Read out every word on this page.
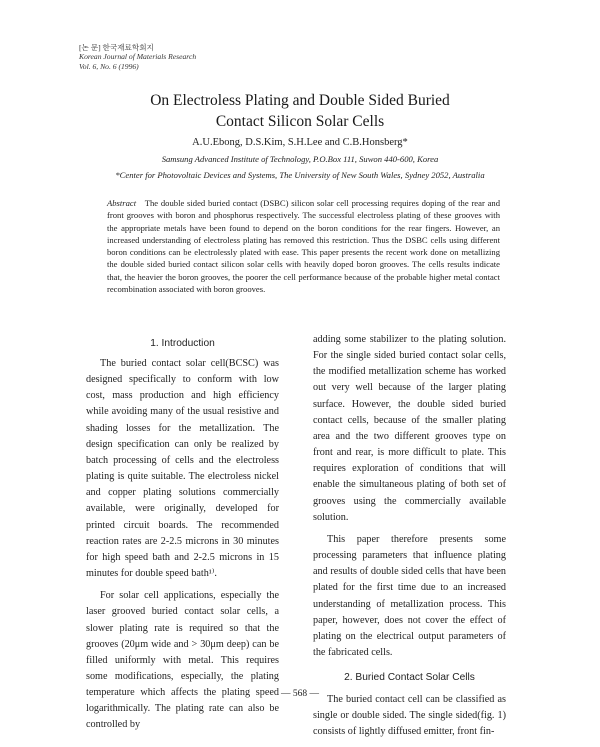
[논 문] 한국재료학회지
Korean Journal of Materials Research
Vol. 6, No. 6 (1996)
On Electroless Plating and Double Sided Buried
Contact Silicon Solar Cells
A.U.Ebong, D.S.Kim, S.H.Lee and C.B.Honsberg*
Samsung Advanced Institute of Technology, P.O.Box 111, Suwon 440-600, Korea
*Center for Photovoltaic Devices and Systems, The University of New South Wales, Sydney 2052, Australia
Abstract The double sided buried contact (DSBC) silicon solar cell processing requires doping of the rear and front grooves with boron and phosphorus respectively. The successful electroless plating of these grooves with the appropriate metals have been found to depend on the boron conditions for the rear fingers. However, an increased understanding of electroless plating has removed this restriction. Thus the DSBC cells using different boron conditions can be electrolessly plated with ease. This paper presents the recent work done on metallizing the double sided buried contact silicon solar cells with heavily doped boron grooves. The cells results indicate that, the heavier the boron grooves, the poorer the cell performance because of the probable higher metal contact recombination associated with boron grooves.
1. Introduction

The buried contact solar cell(BCSC) was designed specifically to conform with low cost, mass production and high efficiency while avoiding many of the usual resistive and shading losses for the metallization. The design specification can only be realized by batch processing of cells and the electroless plating is quite suitable. The electroless nickel and copper plating solutions commercially available, were originally, developed for printed circuit boards. The recommended reaction rates are 2-2.5 microns in 30 minutes for high speed bath and 2-2.5 microns in 15 minutes for double speed bath¹⁾.

For solar cell applications, especially the laser grooved buried contact solar cells, a slower plating rate is required so that the grooves (20μm wide and > 30μm deep) can be filled uniformly with metal. This requires some modifications, especially, the plating temperature which affects the plating speed logarithmically. The plating rate can also be controlled by

adding some stabilizer to the plating solution. For the single sided buried contact solar cells, the modified metallization scheme has worked out very well because of the larger plating surface. However, the double sided buried contact cells, because of the smaller plating area and the two different grooves type on front and rear, is more difficult to plate. This requires exploration of conditions that will enable the simultaneous plating of both set of grooves using the commercially available solution.

This paper therefore presents some processing parameters that influence plating and results of double sided cells that have been plated for the first time due to an increased understanding of metallization process. This paper, however, does not cover the effect of plating on the electrical output parameters of the fabricated cells.

2. Buried Contact Solar Cells

The buried contact cell can be classified as single or double sided. The single sided(fig. 1) consists of lightly diffused emitter, front fin-

— 568 —
